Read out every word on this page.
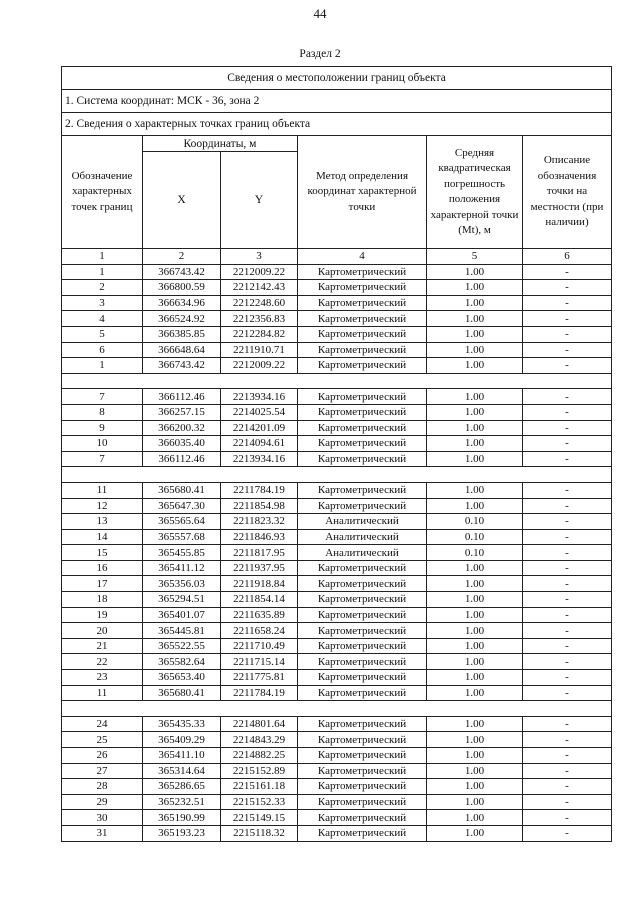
44
Раздел 2
Сведения о местоположении границ объекта					
1. Система координат: МСК - 36, зона 2					
2. Сведения о характерных точках границ объекта					
Обозначение характерных точек границ	Координаты, м		Метод определения координат характерной точки	Средняя квадратическая погрешность положения характерной точки (Mt), м	Описание обозначения точки на местности (при наличии)
	X	Y			
1	2	3	4	5	6
1	366743.42	2212009.22	Картометрический	1.00	-
2	366800.59	2212142.43	Картометрический	1.00	-
3	366634.96	2212248.60	Картометрический	1.00	-
4	366524.92	2212356.83	Картометрический	1.00	-
5	366385.85	2212284.82	Картометрический	1.00	-
6	366648.64	2211910.71	Картометрический	1.00	-
1	366743.42	2212009.22	Картометрический	1.00	-

7	366112.46	2213934.16	Картометрический	1.00	-
8	366257.15	2214025.54	Картометрический	1.00	-
9	366200.32	2214201.09	Картометрический	1.00	-
10	366035.40	2214094.61	Картометрический	1.00	-
7	366112.46	2213934.16	Картометрический	1.00	-

11	365680.41	2211784.19	Картометрический	1.00	-
12	365647.30	2211854.98	Картометрический	1.00	-
13	365565.64	2211823.32	Аналитический	0.10	-
14	365557.68	2211846.93	Аналитический	0.10	-
15	365455.85	2211817.95	Аналитический	0.10	-
16	365411.12	2211937.95	Картометрический	1.00	-
17	365356.03	2211918.84	Картометрический	1.00	-
18	365294.51	2211854.14	Картометрический	1.00	-
19	365401.07	2211635.89	Картометрический	1.00	-
20	365445.81	2211658.24	Картометрический	1.00	-
21	365522.55	2211710.49	Картометрический	1.00	-
22	365582.64	2211715.14	Картометрический	1.00	-
23	365653.40	2211775.81	Картометрический	1.00	-
11	365680.41	2211784.19	Картометрический	1.00	-

24	365435.33	2214801.64	Картометрический	1.00	-
25	365409.29	2214843.29	Картометрический	1.00	-
26	365411.10	2214882.25	Картометрический	1.00	-
27	365314.64	2215152.89	Картометрический	1.00	-
28	365286.65	2215161.18	Картометрический	1.00	-
29	365232.51	2215152.33	Картометрический	1.00	-
30	365190.99	2215149.15	Картометрический	1.00	-
31	365193.23	2215118.32	Картометрический	1.00	-
